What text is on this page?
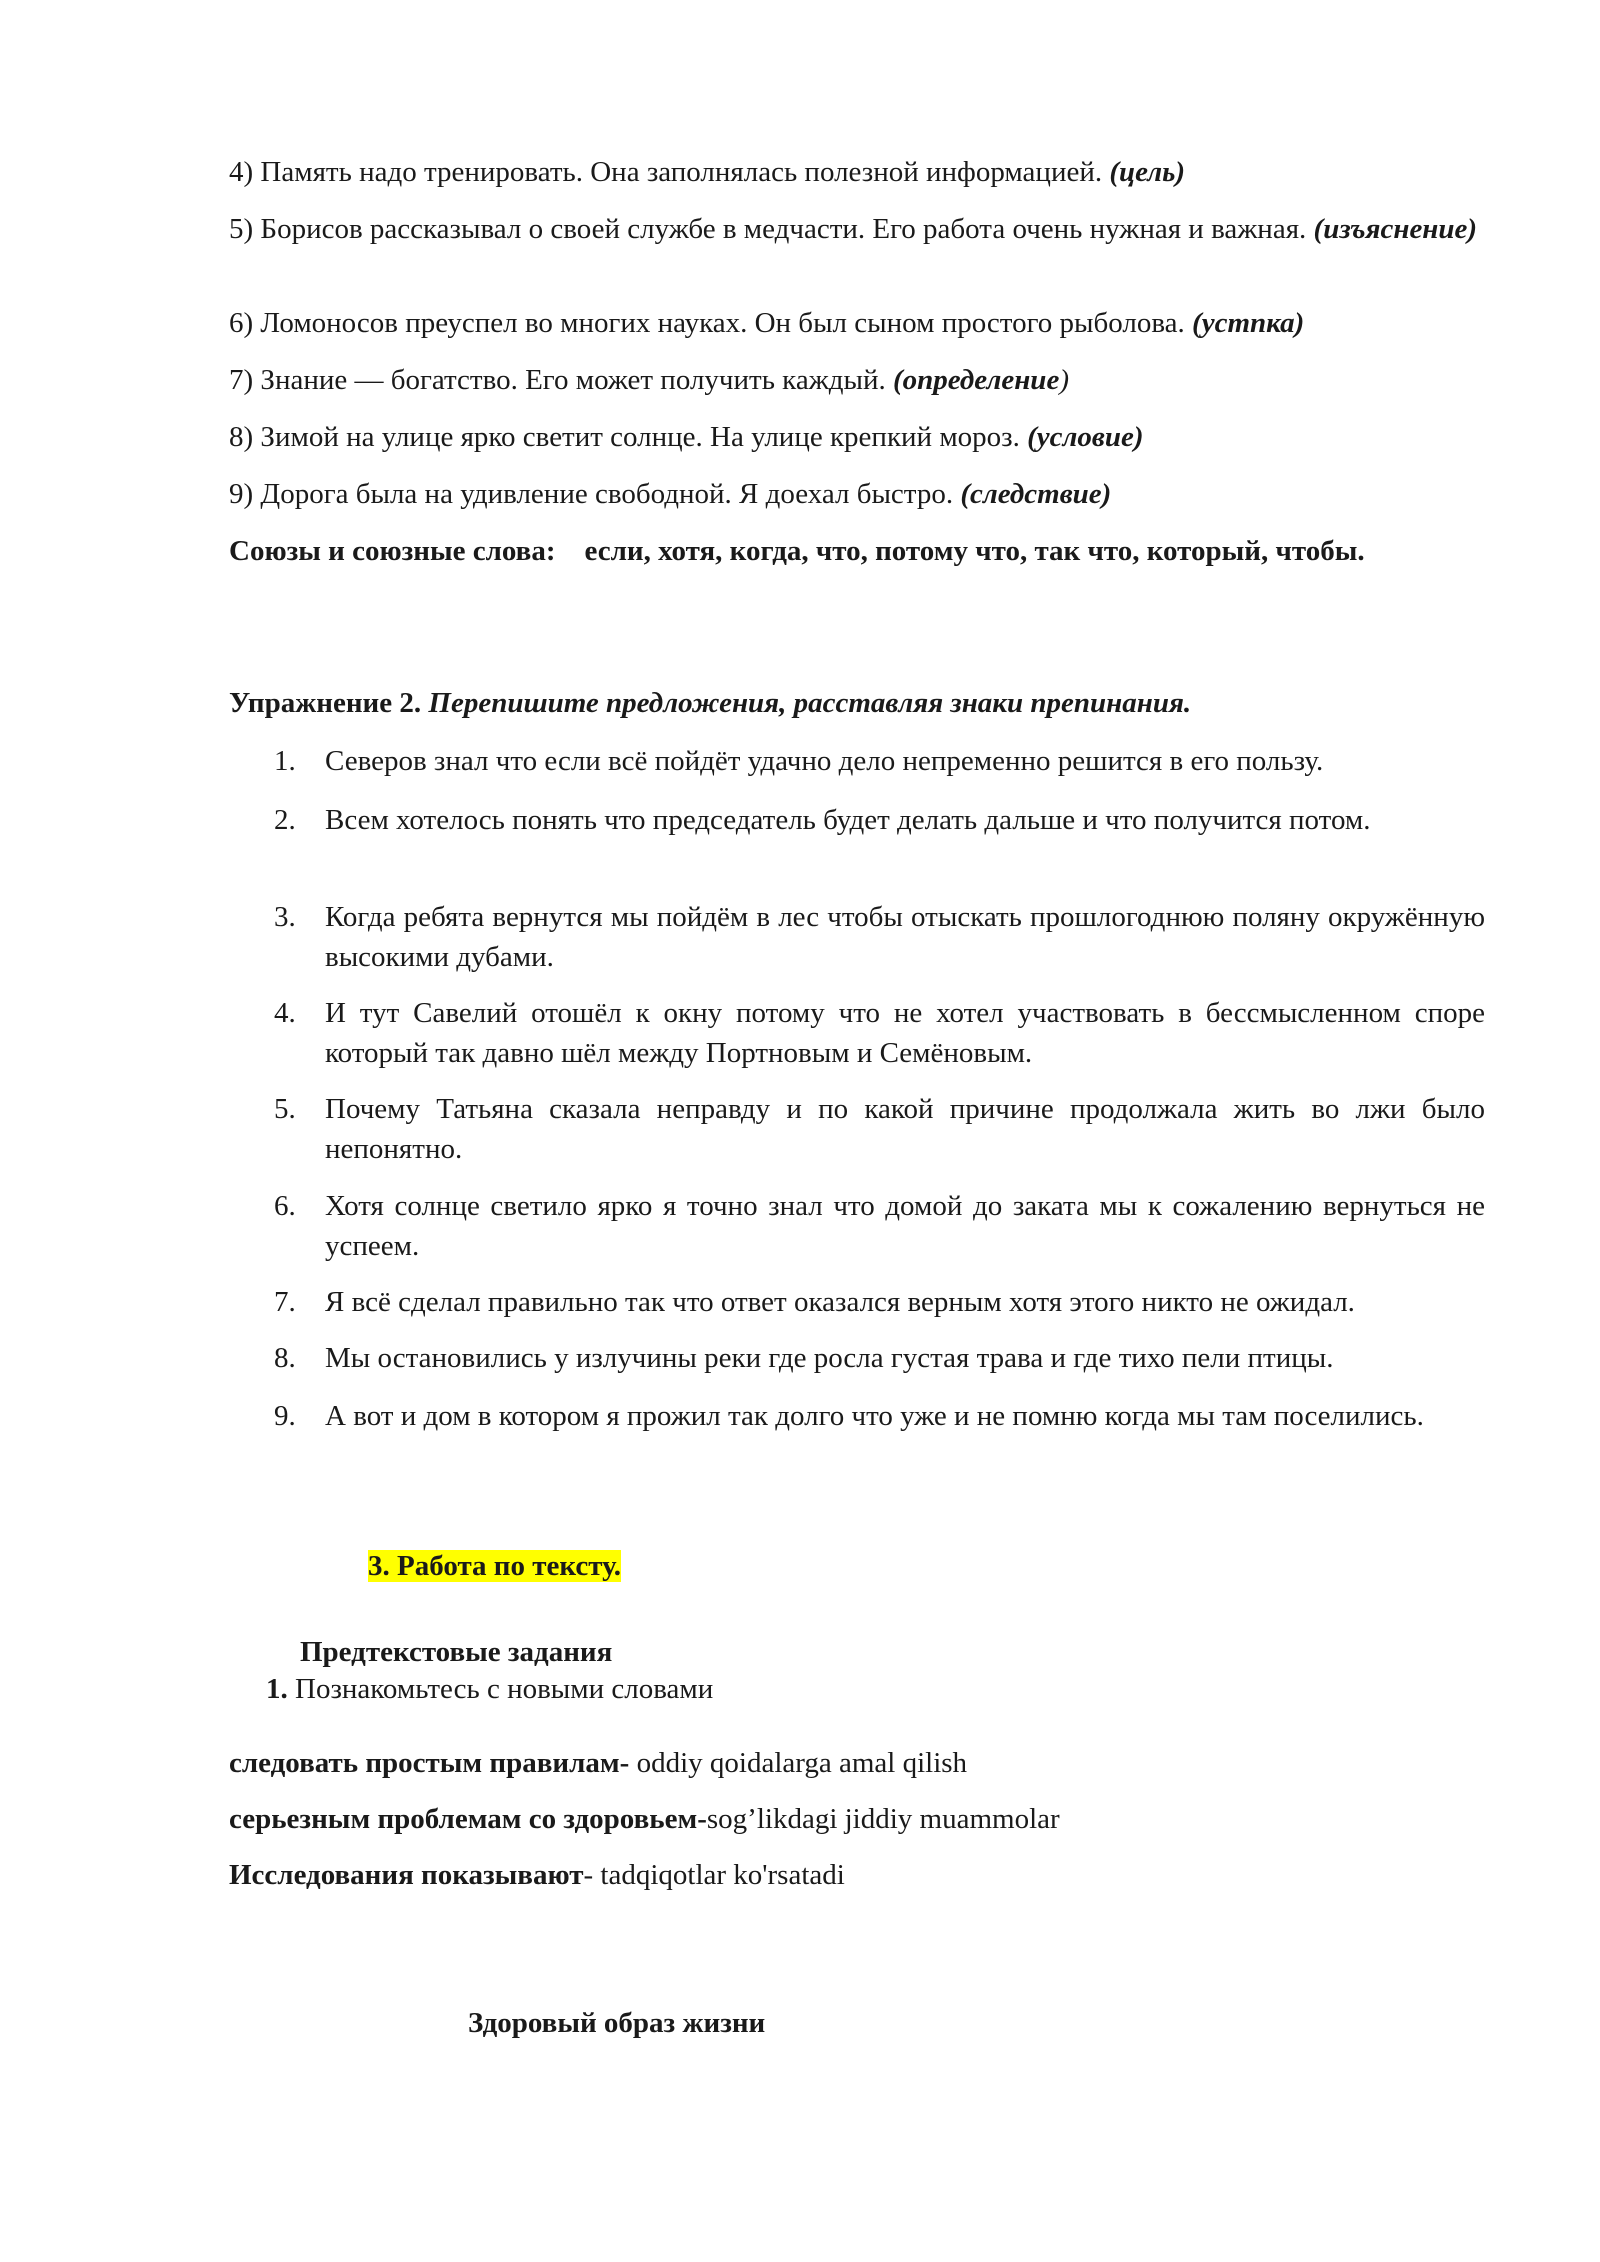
4) Память надо тренировать. Она заполнялась полезной информацией. (цель)
5) Борисов рассказывал о своей службе в медчасти. Его работа очень нужная и важная. (изъяснение)
6) Ломоносов преуспел во многих науках. Он был сыном простого рыболова. (устпка)
7) Знание — богатство. Его может получить каждый. (определение)
8) Зимой на улице ярко светит солнце. На улице крепкий мороз. (условие)
9) Дорога была на удивление свободной. Я доехал быстро. (следствие)
Союзы и союзные слова: если, хотя, когда, что, потому что, так что, который, чтобы.
Упражнение 2. Перепишите предложения, расставляя знаки препинания.
1.	Северов знал что если всё пойдёт удачно дело непременно решится в его пользу.
2.	Всем хотелось понять что председатель будет делать дальше и что получится потом.
3.	Когда ребята вернутся мы пойдём в лес чтобы отыскать прошлогоднюю поляну окружённую высокими дубами.
4.	И тут Савелий отошёл к окну потому что не хотел участвовать в бессмысленном споре который так давно шёл между Портновым и Семёновым.
5.	Почему Татьяна сказала неправду и по какой причине продолжала жить во лжи было непонятно.
6.	Хотя солнце светило ярко я точно знал что домой до заката мы к сожалению вернуться не успеем.
7.	Я всё сделал правильно так что ответ оказался верным хотя этого никто не ожидал.
8.	Мы остановились у излучины реки где росла густая трава и где тихо пели птицы.
9.	А вот и дом в котором я прожил так долго что уже и не помню когда мы там поселились.
3. Работа по тексту.
Предтекстовые задания
1. Познакомьтесь с новыми словами
следовать простым правилам- oddiy qoidalarga amal qilish
серьезным проблемам со здоровьем-sog’likdagi jiddiy muammolar
Исследования показывают- tadqiqotlar ko'rsatadi
Здоровый образ жизни
